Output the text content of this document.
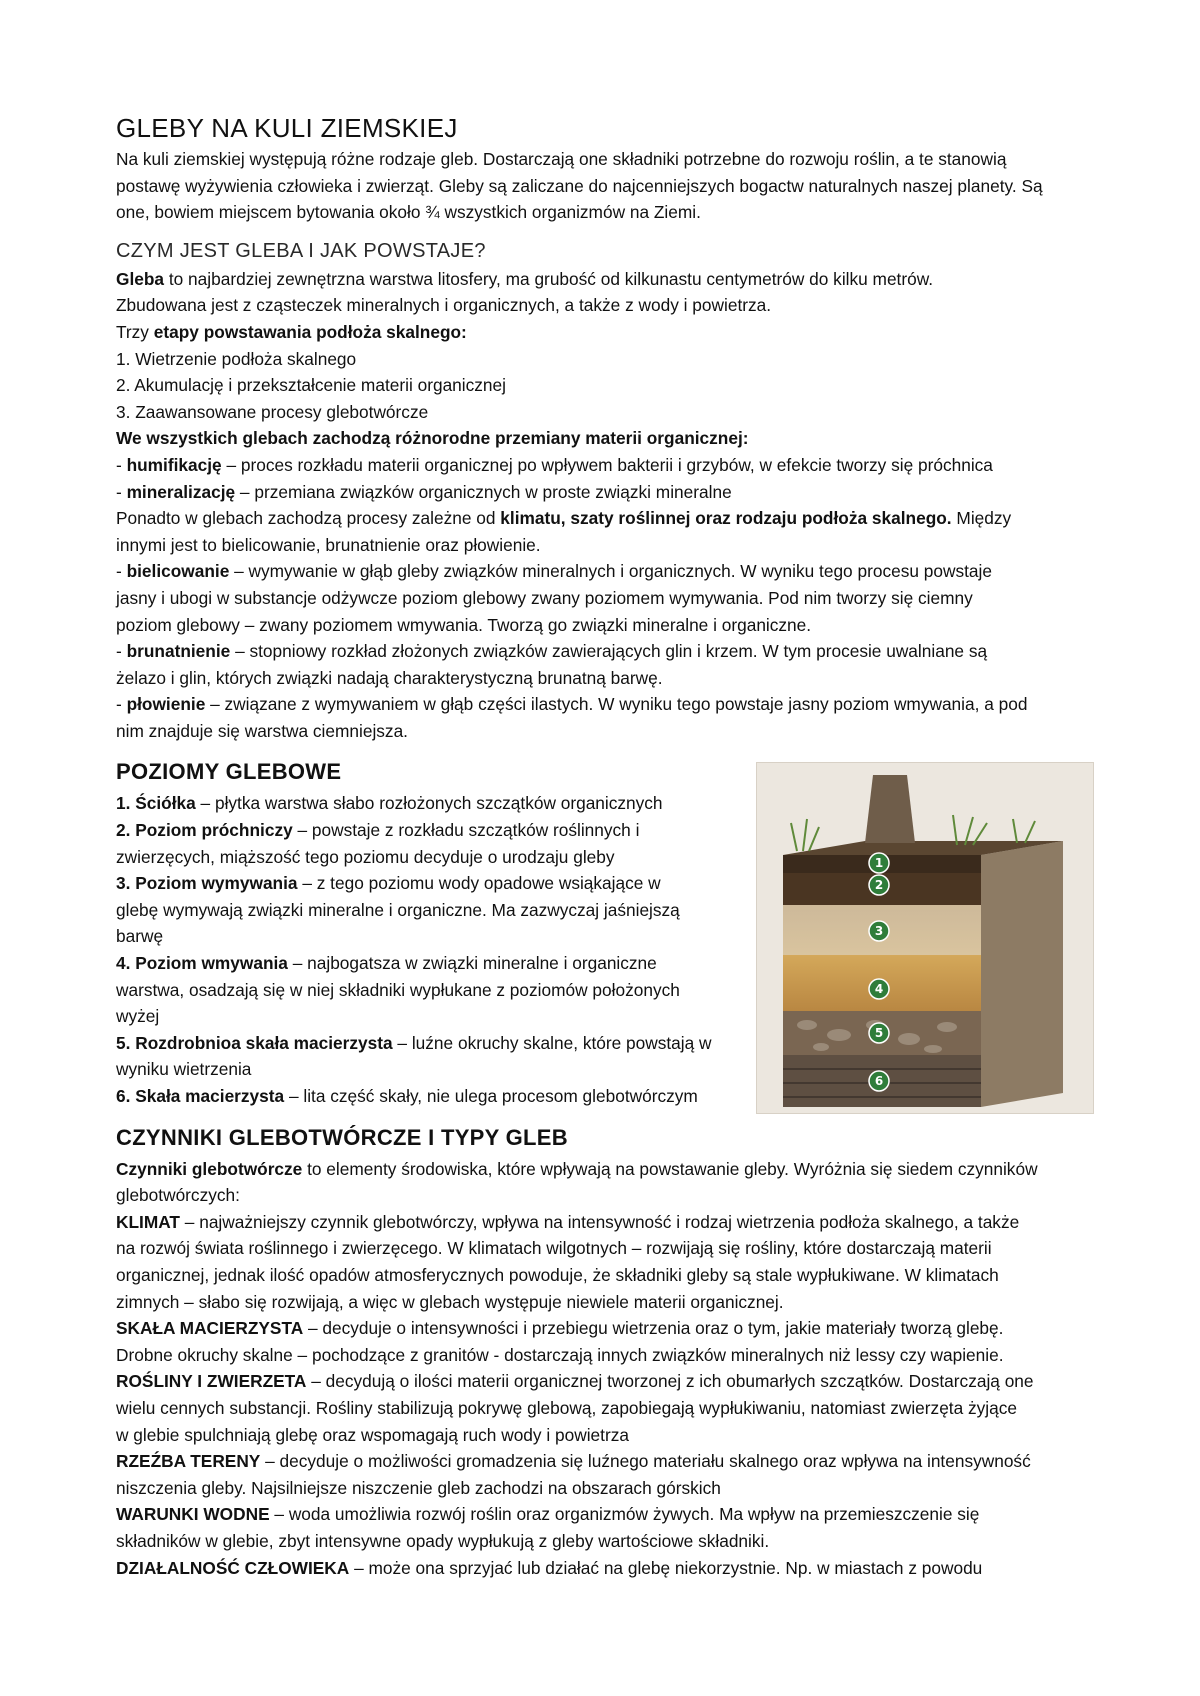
GLEBY NA KULI ZIEMSKIEJ

Na kuli ziemskiej występują różne rodzaje gleb. Dostarczają one składniki potrzebne do rozwoju roślin, a te stanowią

postawę wyżywienia człowieka i zwierząt. Gleby są zaliczane do najcenniejszych bogactw naturalnych naszej planety. Są

one, bowiem miejscem bytowania około ¾ wszystkich organizmów na Ziemi.

CZYM JEST GLEBA I JAK POWSTAJE?

Gleba to najbardziej zewnętrzna warstwa litosfery, ma grubość od kilkunastu centymetrów do kilku metrów.

Zbudowana jest z cząsteczek mineralnych i organicznych, a także z wody i powietrza.

Trzy etapy powstawania podłoża skalnego:

1. Wietrzenie podłoża skalnego

2. Akumulację i przekształcenie materii organicznej

3. Zaawansowane procesy glebotwórcze

We wszystkich glebach zachodzą różnorodne przemiany materii organicznej:

- humifikację – proces rozkładu materii organicznej po wpływem bakterii i grzybów, w efekcie tworzy się próchnica

- mineralizację – przemiana związków organicznych w proste związki mineralne

Ponadto w glebach zachodzą procesy zależne od klimatu, szaty roślinnej oraz rodzaju podłoża skalnego. Między

innymi jest to bielicowanie, brunatnienie oraz płowienie.

- bielicowanie – wymywanie w głąb gleby związków mineralnych i organicznych. W wyniku tego procesu powstaje

jasny i ubogi w substancje odżywcze poziom glebowy zwany poziomem wymywania. Pod nim tworzy się ciemny

poziom glebowy – zwany poziomem wmywania. Tworzą go związki mineralne i organiczne.

- brunatnienie – stopniowy rozkład złożonych związków zawierających glin i krzem. W tym procesie uwalniane są

żelazo i glin, których związki nadają charakterystyczną brunatną barwę.

- płowienie – związane z wymywaniem w głąb części ilastych. W wyniku tego powstaje jasny poziom wmywania, a pod

nim znajduje się warstwa ciemniejsza.

POZIOMY GLEBOWE

1. Ściółka – płytka warstwa słabo rozłożonych szczątków organicznych

2. Poziom próchniczy – powstaje z rozkładu szczątków roślinnych i

zwierzęcych, miąższość tego poziomu decyduje o urodzaju gleby

3. Poziom wymywania – z tego poziomu wody opadowe wsiąkające w

glebę wymywają związki mineralne i organiczne. Ma zazwyczaj jaśniejszą

barwę

4. Poziom wmywania – najbogatsza w związki mineralne i organiczne

warstwa, osadzają się w niej składniki wypłukane z poziomów położonych

wyżej

5. Rozdrobnioa skała macierzysta – luźne okruchy skalne, które powstają w

wyniku wietrzenia

6. Skała macierzysta – lita część skały, nie ulega procesom glebotwórczym

1
2
3
4
5
6
CZYNNIKI GLEBOTWÓRCZE I TYPY GLEB

Czynniki glebotwórcze to elementy środowiska, które wpływają na powstawanie gleby. Wyróżnia się siedem czynników

glebotwórczych:

KLIMAT – najważniejszy czynnik glebotwórczy, wpływa na intensywność i rodzaj wietrzenia podłoża skalnego, a także

na rozwój świata roślinnego i zwierzęcego. W klimatach wilgotnych – rozwijają się rośliny, które dostarczają materii

organicznej, jednak ilość opadów atmosferycznych powoduje, że składniki gleby są stale wypłukiwane. W klimatach

zimnych – słabo się rozwijają, a więc w glebach występuje niewiele materii organicznej.

SKAŁA MACIERZYSTA – decyduje o intensywności i przebiegu wietrzenia oraz o tym, jakie materiały tworzą glebę.

Drobne okruchy skalne – pochodzące z granitów - dostarczają innych związków mineralnych niż lessy czy wapienie.

ROŚLINY I ZWIERZETA – decydują o ilości materii organicznej tworzonej z ich obumarłych szczątków. Dostarczają one

wielu cennych substancji. Rośliny stabilizują pokrywę glebową, zapobiegają wypłukiwaniu, natomiast zwierzęta żyjące

w glebie spulchniają glebę oraz wspomagają ruch wody i powietrza

RZEŹBA TERENY – decyduje o możliwości gromadzenia się luźnego materiału skalnego oraz wpływa na intensywność

niszczenia gleby. Najsilniejsze niszczenie gleb zachodzi na obszarach górskich

WARUNKI WODNE – woda umożliwia rozwój roślin oraz organizmów żywych. Ma wpływ na przemieszczenie się

składników w glebie, zbyt intensywne opady wypłukują z gleby wartościowe składniki.

DZIAŁALNOŚĆ CZŁOWIEKA – może ona sprzyjać lub działać na glebę niekorzystnie. Np. w miastach z powodu
